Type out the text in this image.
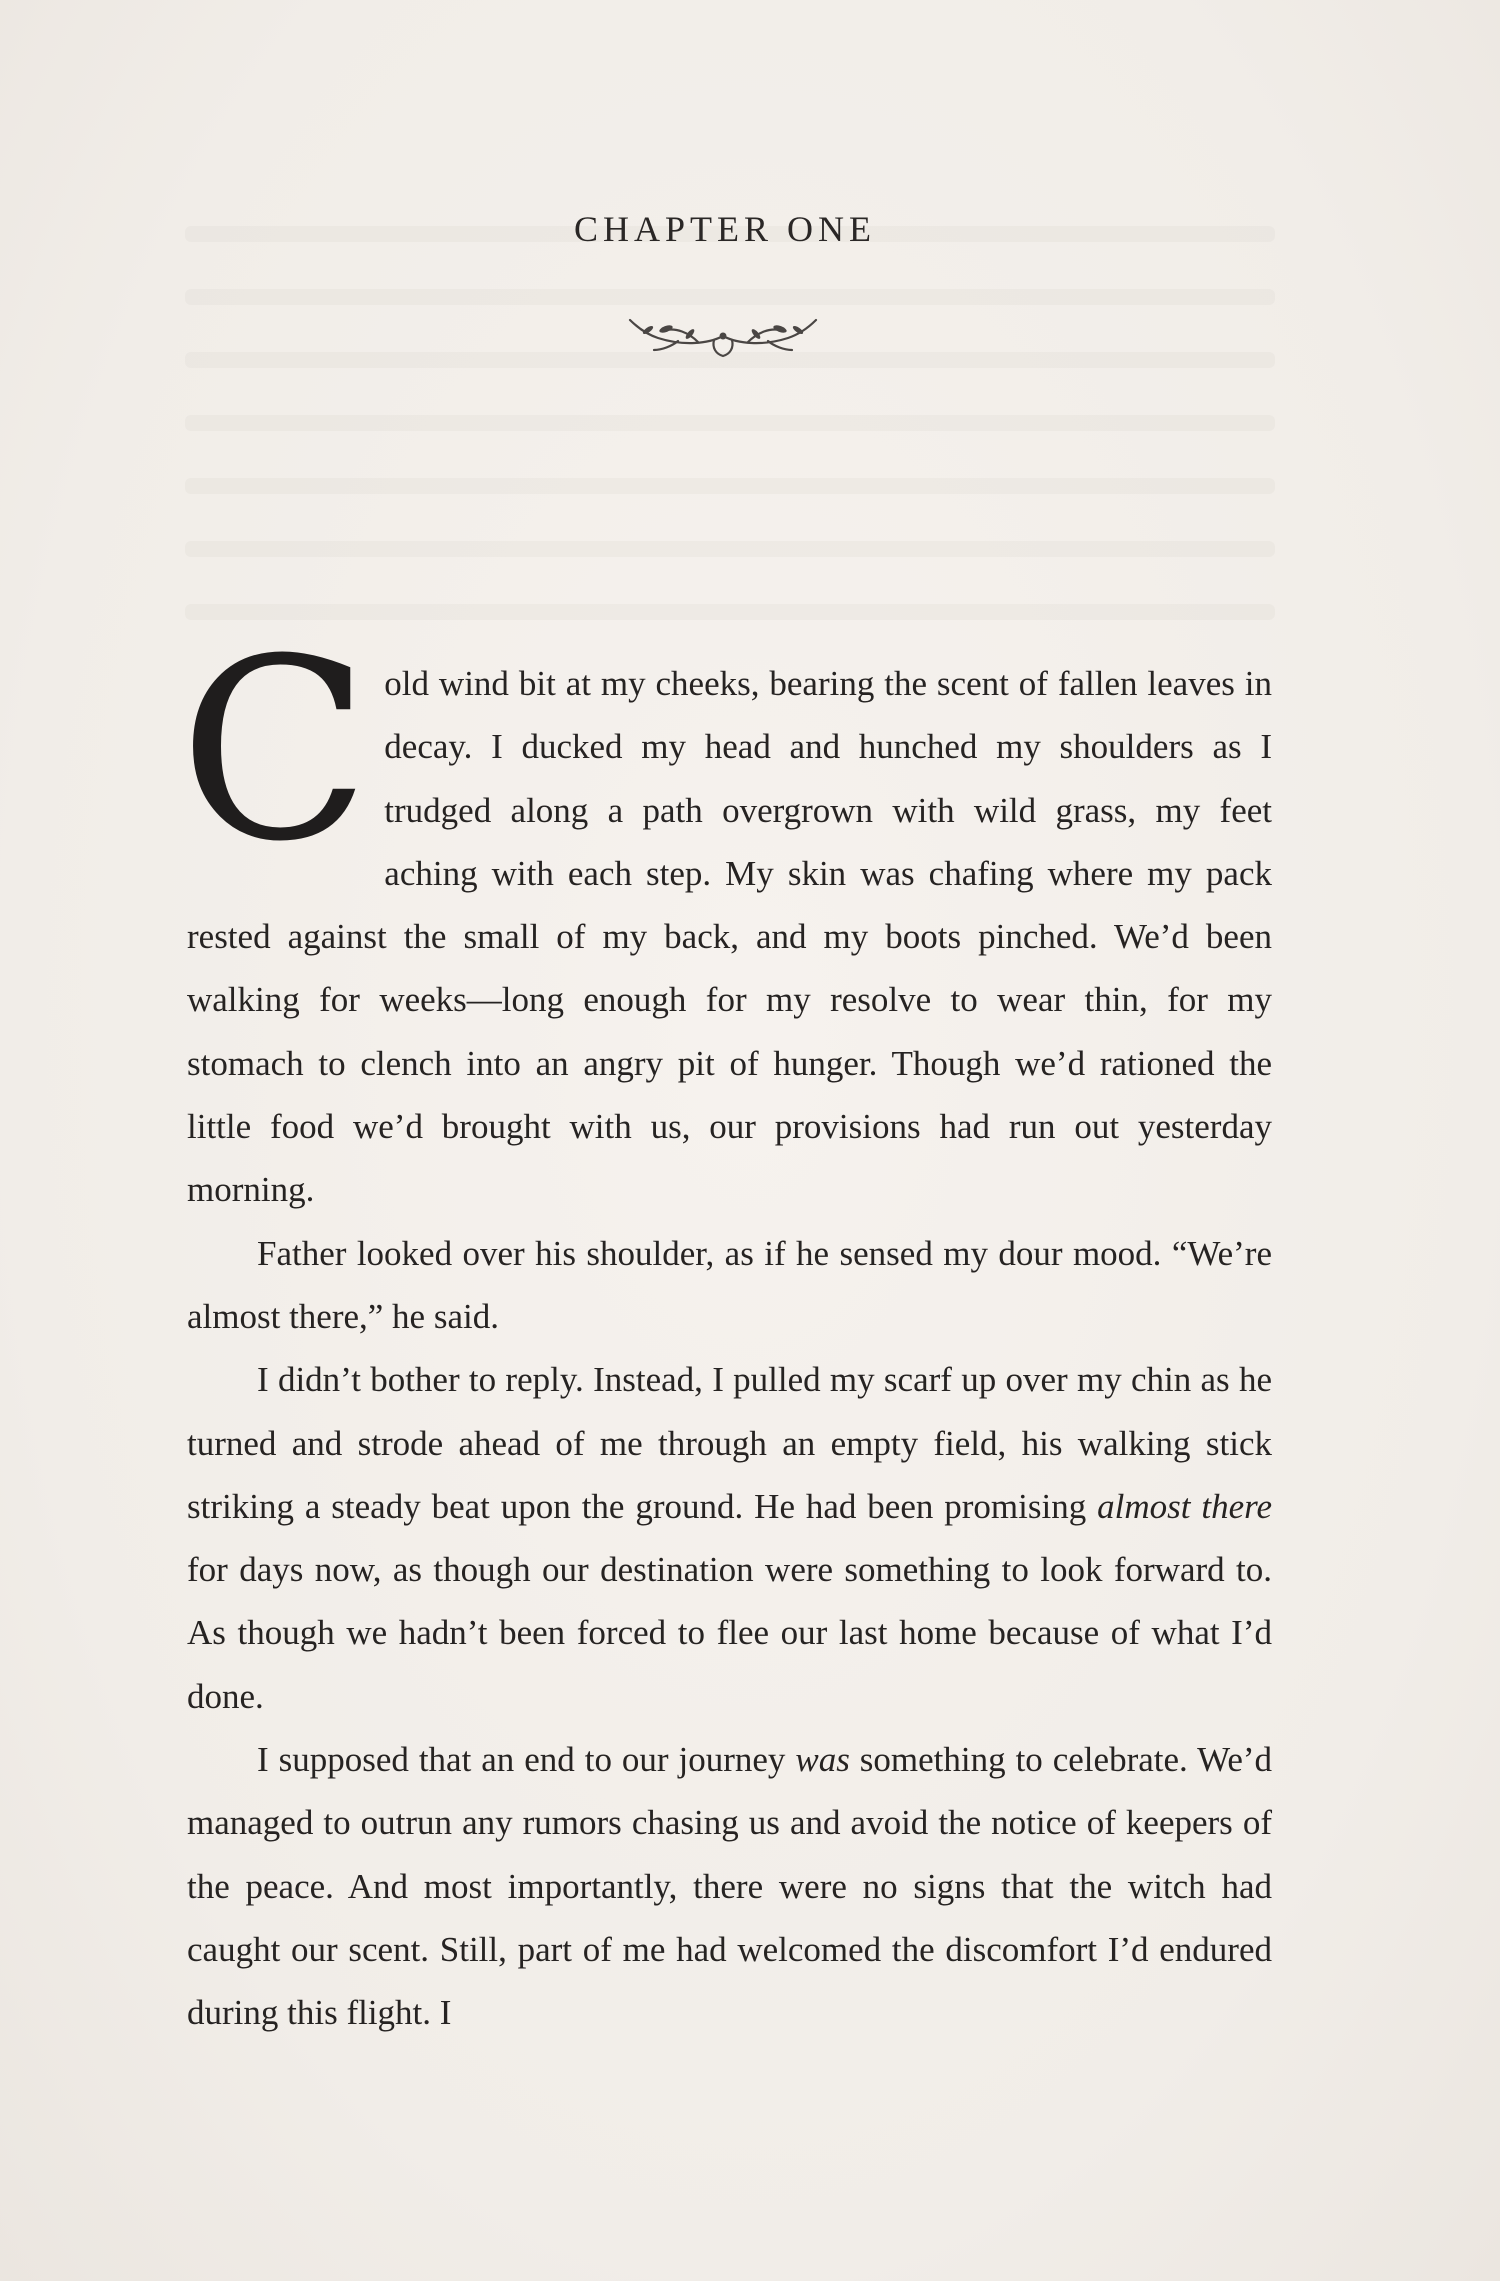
CHAPTER ONE

Cold wind bit at my cheeks, bearing the scent of fallen leaves in decay. I ducked my head and hunched my shoulders as I trudged along a path overgrown with wild grass, my feet aching with each step. My skin was chafing where my pack rested against the small of my back, and my boots pinched. We’d been walking for weeks—long enough for my resolve to wear thin, for my stomach to clench into an angry pit of hunger. Though we’d rationed the little food we’d brought with us, our provisions had run out yesterday morning.

Father looked over his shoulder, as if he sensed my dour mood. “We’re almost there,” he said.

I didn’t bother to reply. Instead, I pulled my scarf up over my chin as he turned and strode ahead of me through an empty field, his walking stick striking a steady beat upon the ground. He had been promising almost there for days now, as though our destination were something to look forward to. As though we hadn’t been forced to flee our last home because of what I’d done.

I supposed that an end to our journey was something to celebrate. We’d managed to outrun any rumors chasing us and avoid the notice of keepers of the peace. And most importantly, there were no signs that the witch had caught our scent. Still, part of me had welcomed the discomfort I’d endured during this flight. I
